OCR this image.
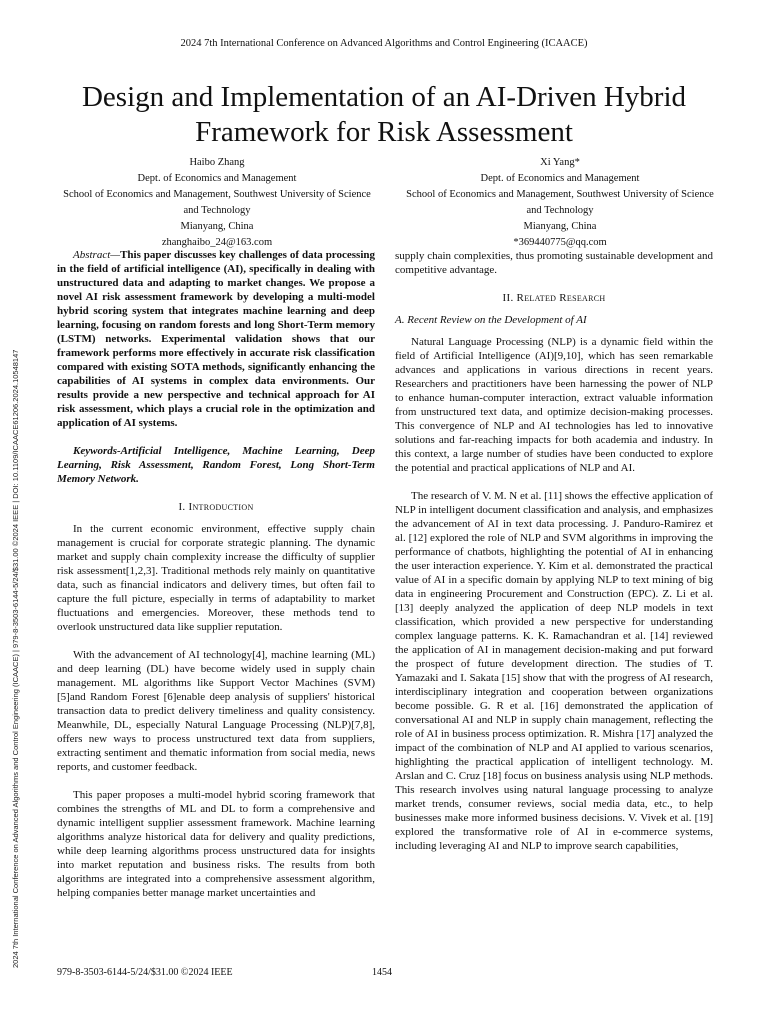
2024 7th International Conference on Advanced Algorithms and Control Engineering (ICAACE)
Design and Implementation of an AI-Driven Hybrid Framework for Risk Assessment
Haibo Zhang
Dept. of Economics and Management
School of Economics and Management, Southwest University of Science and Technology
Mianyang, China
zhanghaibo_24@163.com
Xi Yang*
Dept. of Economics and Management
School of Economics and Management, Southwest University of Science and Technology
Mianyang, China
*369440775@qq.com
Abstract—This paper discusses key challenges of data processing in the field of artificial intelligence (AI), specifically in dealing with unstructured data and adapting to market changes. We propose a novel AI risk assessment framework by developing a multi-model hybrid scoring system that integrates machine learning and deep learning, focusing on random forests and long Short-Term memory (LSTM) networks. Experimental validation shows that our framework performs more effectively in accurate risk classification compared with existing SOTA methods, significantly enhancing the capabilities of AI systems in complex data environments. Our results provide a new perspective and technical approach for AI risk assessment, which plays a crucial role in the optimization and application of AI systems.
Keywords-Artificial Intelligence, Machine Learning, Deep Learning, Risk Assessment, Random Forest, Long Short-Term Memory Network.
I. Introduction

In the current economic environment, effective supply chain management is crucial for corporate strategic planning. The dynamic market and supply chain complexity increase the difficulty of supplier risk assessment[1,2,3]. Traditional methods rely mainly on quantitative data, such as financial indicators and delivery times, but often fail to capture the full picture, especially in terms of adaptability to market fluctuations and emergencies. Moreover, these methods tend to overlook unstructured data like supplier reputation.

With the advancement of AI technology[4], machine learning (ML) and deep learning (DL) have become widely used in supply chain management. ML algorithms like Support Vector Machines (SVM) [5]and Random Forest [6]enable deep analysis of suppliers' historical transaction data to predict delivery timeliness and quality consistency. Meanwhile, DL, especially Natural Language Processing (NLP)[7,8], offers new ways to process unstructured text data from suppliers, extracting sentiment and thematic information from social media, news reports, and customer feedback.

This paper proposes a multi-model hybrid scoring framework that combines the strengths of ML and DL to form a comprehensive and dynamic intelligent supplier assessment framework. Machine learning algorithms analyze historical data for delivery and quality predictions, while deep learning algorithms process unstructured data for insights into market reputation and business risks. The results from both algorithms are integrated into a comprehensive assessment algorithm, helping companies better manage market uncertainties and

supply chain complexities, thus promoting sustainable development and competitive advantage.

II. Related Research
A. Recent Review on the Development of AI

Natural Language Processing (NLP) is a dynamic field within the field of Artificial Intelligence (AI)[9,10], which has seen remarkable advances and applications in various directions in recent years. Researchers and practitioners have been harnessing the power of NLP to enhance human-computer interaction, extract valuable information from unstructured text data, and optimize decision-making processes. This convergence of NLP and AI technologies has led to innovative solutions and far-reaching impacts for both academia and industry. In this context, a large number of studies have been conducted to explore the potential and practical applications of NLP and AI.

The research of V. M. N et al. [11] shows the effective application of NLP in intelligent document classification and analysis, and emphasizes the advancement of AI in text data processing. J. Panduro-Ramirez et al. [12] explored the role of NLP and SVM algorithms in improving the performance of chatbots, highlighting the potential of AI in enhancing the user interaction experience. Y. Kim et al. demonstrated the practical value of AI in a specific domain by applying NLP to text mining of big data in engineering Procurement and Construction (EPC). Z. Li et al. [13] deeply analyzed the application of deep NLP models in text classification, which provided a new perspective for understanding complex language patterns. K. K. Ramachandran et al. [14] reviewed the application of AI in management decision-making and put forward the prospect of future development direction. The studies of T. Yamazaki and I. Sakata [15] show that with the progress of AI research, interdisciplinary integration and cooperation between organizations become possible. G. R et al. [16] demonstrated the application of conversational AI and NLP in supply chain management, reflecting the role of AI in business process optimization. R. Mishra [17] analyzed the impact of the combination of NLP and AI applied to various scenarios, highlighting the practical application of intelligent technology. M. Arslan and C. Cruz [18] focus on business analysis using NLP methods. This research involves using natural language processing to analyze market trends, consumer reviews, social media data, etc., to help businesses make more informed business decisions. V. Vivek et al. [19] explored the transformative role of AI in e-commerce systems, including leveraging AI and NLP to improve search capabilities,

2024 7th International Conference on Advanced Algorithms and Control Engineering (ICAACE) | 979-8-3503-6144-5/24/$31.00 ©2024 IEEE | DOI: 10.1109/ICAACE61206.2024.10548147
979-8-3503-6144-5/24/$31.00 ©2024 IEEE	1454
